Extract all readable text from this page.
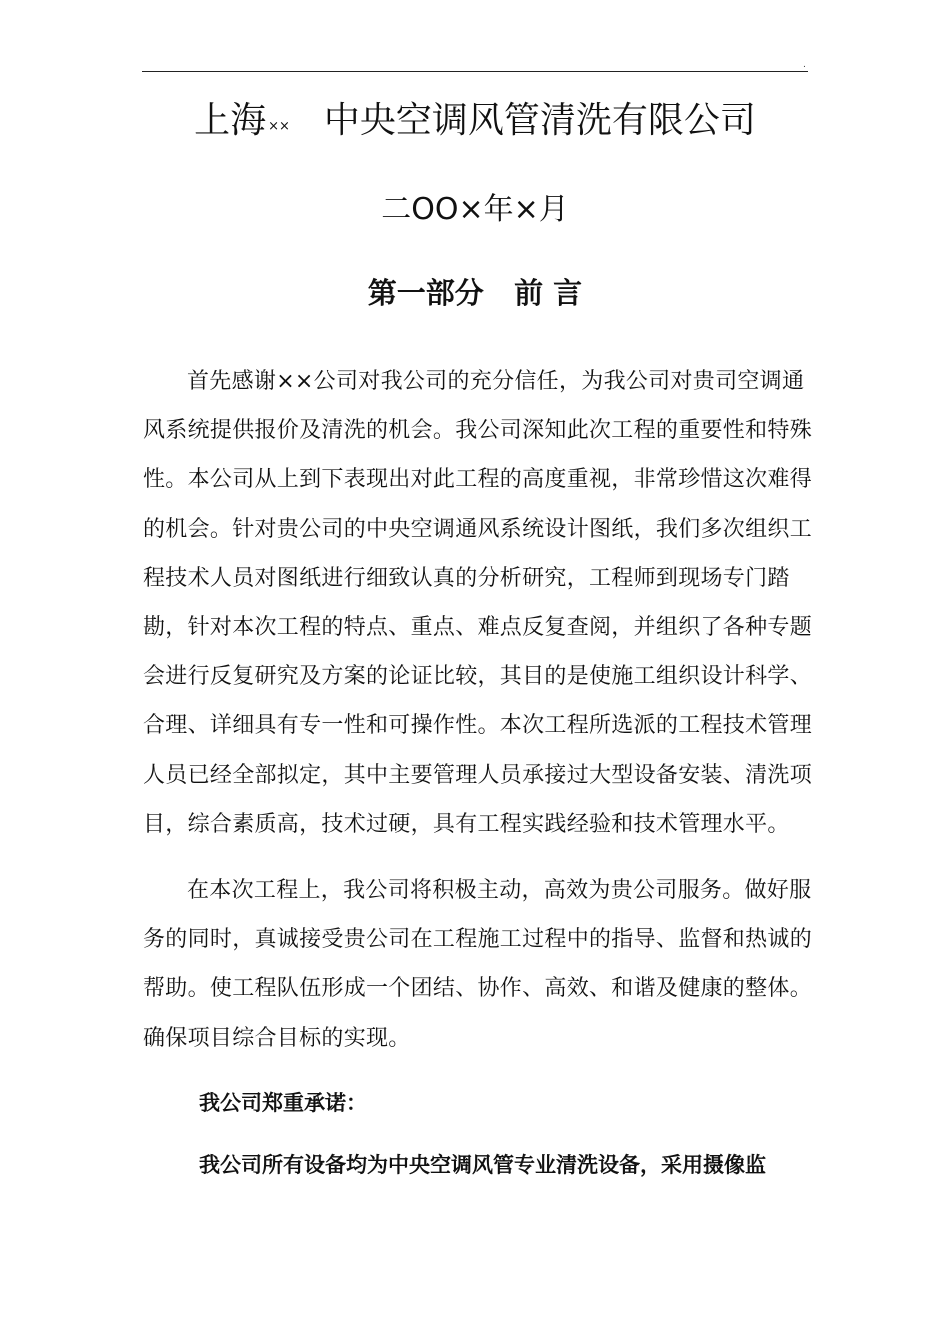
.
上海 ×× 中央空调风管清洗有限公司
二OO×年×月
第一部分   前 言

首先感谢××公司对我公司的充分信任，为我公司对贵司空调通风系统提供报价及清洗的机会。我公司深知此次工程的重要性和特殊性。本公司从上到下表现出对此工程的高度重视，非常珍惜这次难得的机会。针对贵公司的中央空调通风系统设计图纸，我们多次组织工程技术人员对图纸进行细致认真的分析研究，工程师到现场专门踏勘，针对本次工程的特点、重点、难点反复查阅，并组织了各种专题会进行反复研究及方案的论证比较，其目的是使施工组织设计科学、合理、详细具有专一性和可操作性。本次工程所选派的工程技术管理人员已经全部拟定，其中主要管理人员承接过大型设备安装、清洗项目，综合素质高，技术过硬，具有工程实践经验和技术管理水平。

在本次工程上，我公司将积极主动，高效为贵公司服务。做好服务的同时，真诚接受贵公司在工程施工过程中的指导、监督和热诚的帮助。使工程队伍形成一个团结、协作、高效、和谐及健康的整体。确保项目综合目标的实现。

我公司郑重承诺：
我公司所有设备均为中央空调风管专业清洗设备，采用摄像监
